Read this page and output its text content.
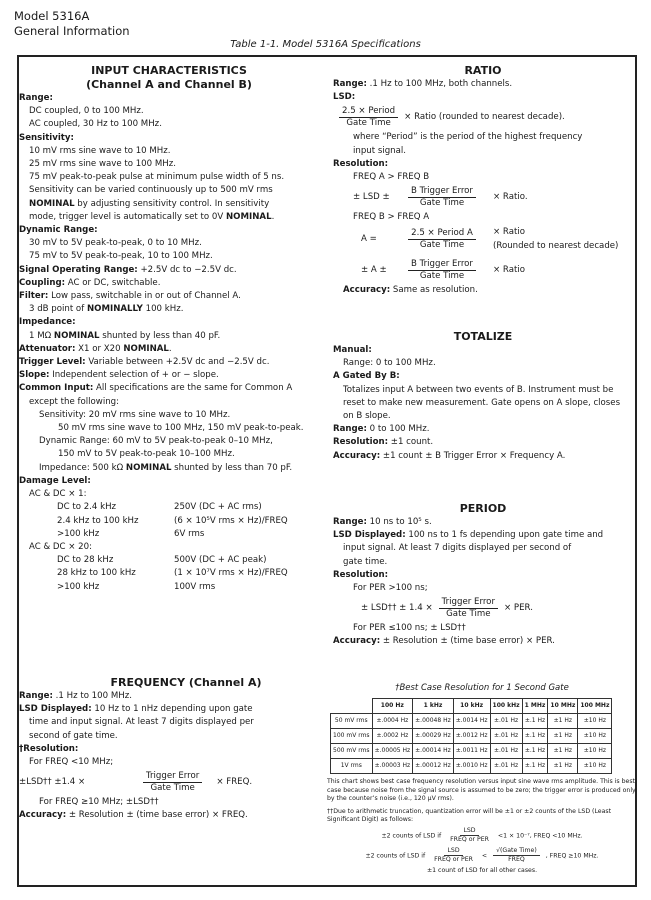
Model 5316A
General Information
Table 1-1. Model 5316A Specifications
INPUT CHARACTERISTICS
(Channel A and Channel B)
Range:
DC coupled, 0 to 100 MHz.
AC coupled, 30 Hz to 100 MHz.
Sensitivity:
10 mV rms sine wave to 10 MHz.
25 mV rms sine wave to 100 MHz.
75 mV peak-to-peak pulse at minimum pulse width of 5 ns.
Sensitivity can be varied continuously up to 500 mV rms
NOMINAL by adjusting sensitivity control. In sensitivity
mode, trigger level is automatically set to 0V NOMINAL.
Dynamic Range:
30 mV to 5V peak-to-peak, 0 to 10 MHz.
75 mV to 5V peak-to-peak, 10 to 100 MHz.
Signal Operating Range: +2.5V dc to −2.5V dc.
Coupling: AC or DC, switchable.
Filter: Low pass, switchable in or out of Channel A.
3 dB point of NOMINALLY 100 kHz.
Impedance:
1 MΩ NOMINAL shunted by less than 40 pF.
Attenuator: X1 or X20 NOMINAL.
Trigger Level: Variable between +2.5V dc and −2.5V dc.
Slope: Independent selection of + or − slope.
Common Input: All specifications are the same for Common A
except the following:
Sensitivity: 20 mV rms sine wave to 10 MHz.
50 mV rms sine wave to 100 MHz, 150 mV peak-to-peak.
Dynamic Range: 60 mV to 5V peak-to-peak 0–10 MHz,
150 mV to 5V peak-to-peak 10–100 MHz.
Impedance: 500 kΩ NOMINAL shunted by less than 70 pF.
Damage Level:
AC & DC × 1:
DC to 2.4 kHz	250V (DC + AC rms)
2.4 kHz to 100 kHz	(6 × 10⁵V rms × Hz)/FREQ
>100 kHz	6V rms
AC & DC × 20:
DC to 28 kHz	500V (DC + AC peak)
28 kHz to 100 kHz	(1 × 10⁷V rms × Hz)/FREQ
>100 kHz	100V rms
FREQUENCY (Channel A)
Range: .1 Hz to 100 MHz.
LSD Displayed: 10 Hz to 1 nHz depending upon gate
time and input signal. At least 7 digits displayed per
second of gate time.
†Resolution:
For FREQ <10 MHz;
±LSD†† ±1.4 ×	$\frac{\text{Trigger Error}}{\text{Gate Time}}$ × FREQ.
For FREQ ≥10 MHz; ±LSD††
Accuracy: ± Resolution ± (time base error) × FREQ.
RATIO
Range: .1 Hz to 100 MHz, both channels.
LSD:
$\frac{\text{2.5 × Period}}{\text{Gate Time}}$ × Ratio (rounded to nearest decade).
where “Period” is the period of the highest frequency
input signal.
Resolution:
FREQ A > FREQ B
± LSD ± $\frac{\text{B Trigger Error}}{\text{Gate Time}}$ × Ratio.
FREQ B > FREQ A
A =	$\frac{\text{2.5 × Period A}}{\text{Gate Time}}$ × Ratio
(Rounded to nearest decade)
± A ±	$\frac{\text{B Trigger Error}}{\text{Gate Time}}$ × Ratio
Accuracy: Same as resolution.
TOTALIZE
Manual:
Range: 0 to 100 MHz.
A Gated By B:
Totalizes input A between two events of B. Instrument must be
reset to make new measurement. Gate opens on A slope, closes
on B slope.
Range: 0 to 100 MHz.
Resolution: ±1 count.
Accuracy: ±1 count ± B Trigger Error × Frequency A.
PERIOD
Range: 10 ns to 10⁵ s.
LSD Displayed: 100 ns to 1 fs depending upon gate time and
input signal. At least 7 digits displayed per second of
gate time.
Resolution:
For PER >100 ns;
± LSD†† ± $1.4 \times \frac{\text{Trigger Error}}{\text{Gate Time}}$ × PER.
For PER ≤100 ns; ± LSD††
Accuracy: ± Resolution ± (time base error) × PER.
†Best Case Resolution for 1 Second Gate
	100 Hz	1 kHz	10 kHz	100 kHz	1 MHz	10 MHz	100 MHz
50 mV rms	±.0004 Hz	±.00048 Hz	±.0014 Hz	±.01 Hz	±.1 Hz	±1 Hz	±10 Hz
100 mV rms	±.0002 Hz	±.00029 Hz	±.0012 Hz	±.01 Hz	±.1 Hz	±1 Hz	±10 Hz
500 mV rms	±.00005 Hz	±.00014 Hz	±.0011 Hz	±.01 Hz	±.1 Hz	±1 Hz	±10 Hz
1V rms	±.00003 Hz	±.00012 Hz	±.0010 Hz	±.01 Hz	±.1 Hz	±1 Hz	±10 Hz
This chart shows best case frequency resolution versus input sine wave rms amplitude. This is best case because noise from the signal source is assumed to be zero; the trigger error is produced only by the counter’s noise (i.e., 120 μV rms).
††Due to arithmetic truncation, quantization error will be ±1 or ±2 counts of the LSD (Least Significant Digit) as follows:
±2 counts of LSD if $\frac{\text{LSD}}{\text{FREQ or PER}} <1 \times 10^{-7}$, FREQ <10 MHz.
±2 counts of LSD if $\frac{\text{LSD}}{\text{FREQ or PER}} < \frac{\text{√(Gate Time)}}{\text{FREQ}}$ , FREQ ≥10 MHz.
±1 count of LSD for all other cases.
